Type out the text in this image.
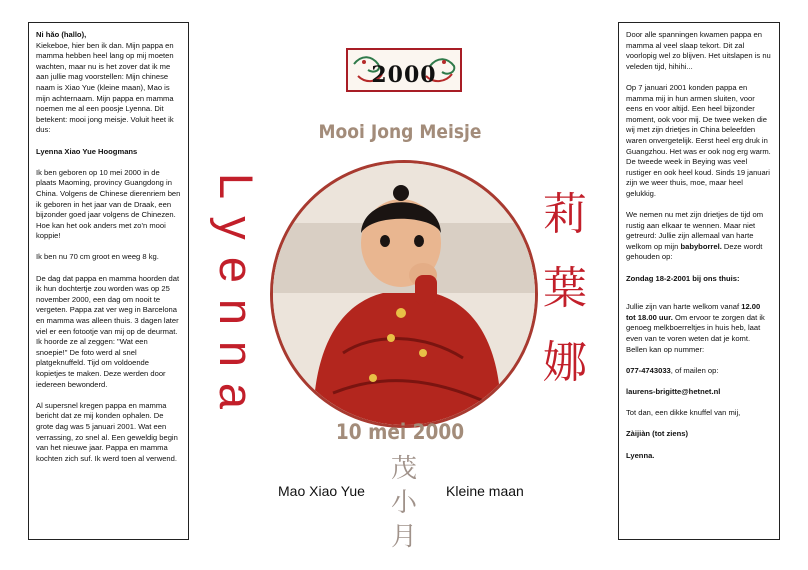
Ni hǎo (hallo),
Kiekeboe, hier ben ik dan. Mijn pappa en mamma hebben heel lang op mij moeten wachten, maar nu is het zover dat ik me aan jullie mag voorstellen: Mijn chinese naam is Xiao Yue (kleine maan), Mao is mijn achternaam. Mijn pappa en mamma noemen me al een poosje Lyenna. Dit betekent: mooi jong meisje. Voluit heet ik dus:

Lyenna Xiao Yue Hoogmans

Ik ben geboren op 10 mei 2000 in de plaats Maoming, provincy Guangdong in China. Volgens de Chinese dierenriem ben ik geboren in het jaar van de Draak, een bijzonder goed jaar volgens de Chinezen. Hoe kan het ook anders met zo'n mooi koppie!

Ik ben nu 70 cm groot en weeg 8 kg.

De dag dat pappa en mamma hoorden dat ik hun dochtertje zou worden was op 25 november 2000, een dag om nooit te vergeten. Pappa zat ver weg in Barcelona en mamma was alleen thuis. 3 dagen later viel er een fotootje van mij op de deurmat. Ik hoorde ze al zeggen: "Wat een snoepie!" De foto werd al snel platgeknuffeld. Tijd om voldoende kopietjes te maken. Deze werden door iedereen bewonderd.

Al supersnel kregen pappa en mamma bericht dat ze mij konden ophalen. De grote dag was 5 januari 2001. Wat een verrassing, zo snel al. Een geweldig begin van het nieuwe jaar. Pappa en mamma kochten zich suf. Ik werd toen al verwend.

2000
Mooi Jong Meisje
L
y
e
n
n
a
10 mei 2000
Mao Xiao Yue	Kleine maan
茂
小
月
莉
葉
娜

Door alle spanningen kwamen pappa en mamma al veel slaap tekort. Dit zal voorlopig wel zo blijven. Het uitslapen is nu veleden tijd, hihihi...

Op 7 januari 2001 konden pappa en mamma mij in hun armen sluiten, voor eens en voor altijd. Een heel bijzonder moment, ook voor mij. De twee weken die wij met zijn drietjes in China beleefden waren onvergetelijk. Eerst heel erg druk in Guangzhou. Het was er ook nog erg warm. De tweede week in Beying was veel rustiger en ook heel koud. Sinds 19 januari zijn we weer thuis, moe, maar heel gelukkig.

We nemen nu met zijn drietjes de tijd om rustig aan elkaar te wennen. Maar niet getreurd: Jullie zijn allemaal van harte welkom op mijn babyborrel. Deze wordt gehouden op:

Zondag 18-2-2001 bij ons thuis:

Jullie zijn van harte welkom vanaf 12.00 tot 18.00 uur. Om ervoor te zorgen dat ik genoeg melkboerreltjes in huis heb, laat even van te voren weten dat je komt. Bellen kan op nummer:

077-4743033, of mailen op:

laurens-brigitte@hetnet.nl

Tot dan, een dikke knuffel van mij,

Zàijiàn (tot ziens)

Lyenna.
